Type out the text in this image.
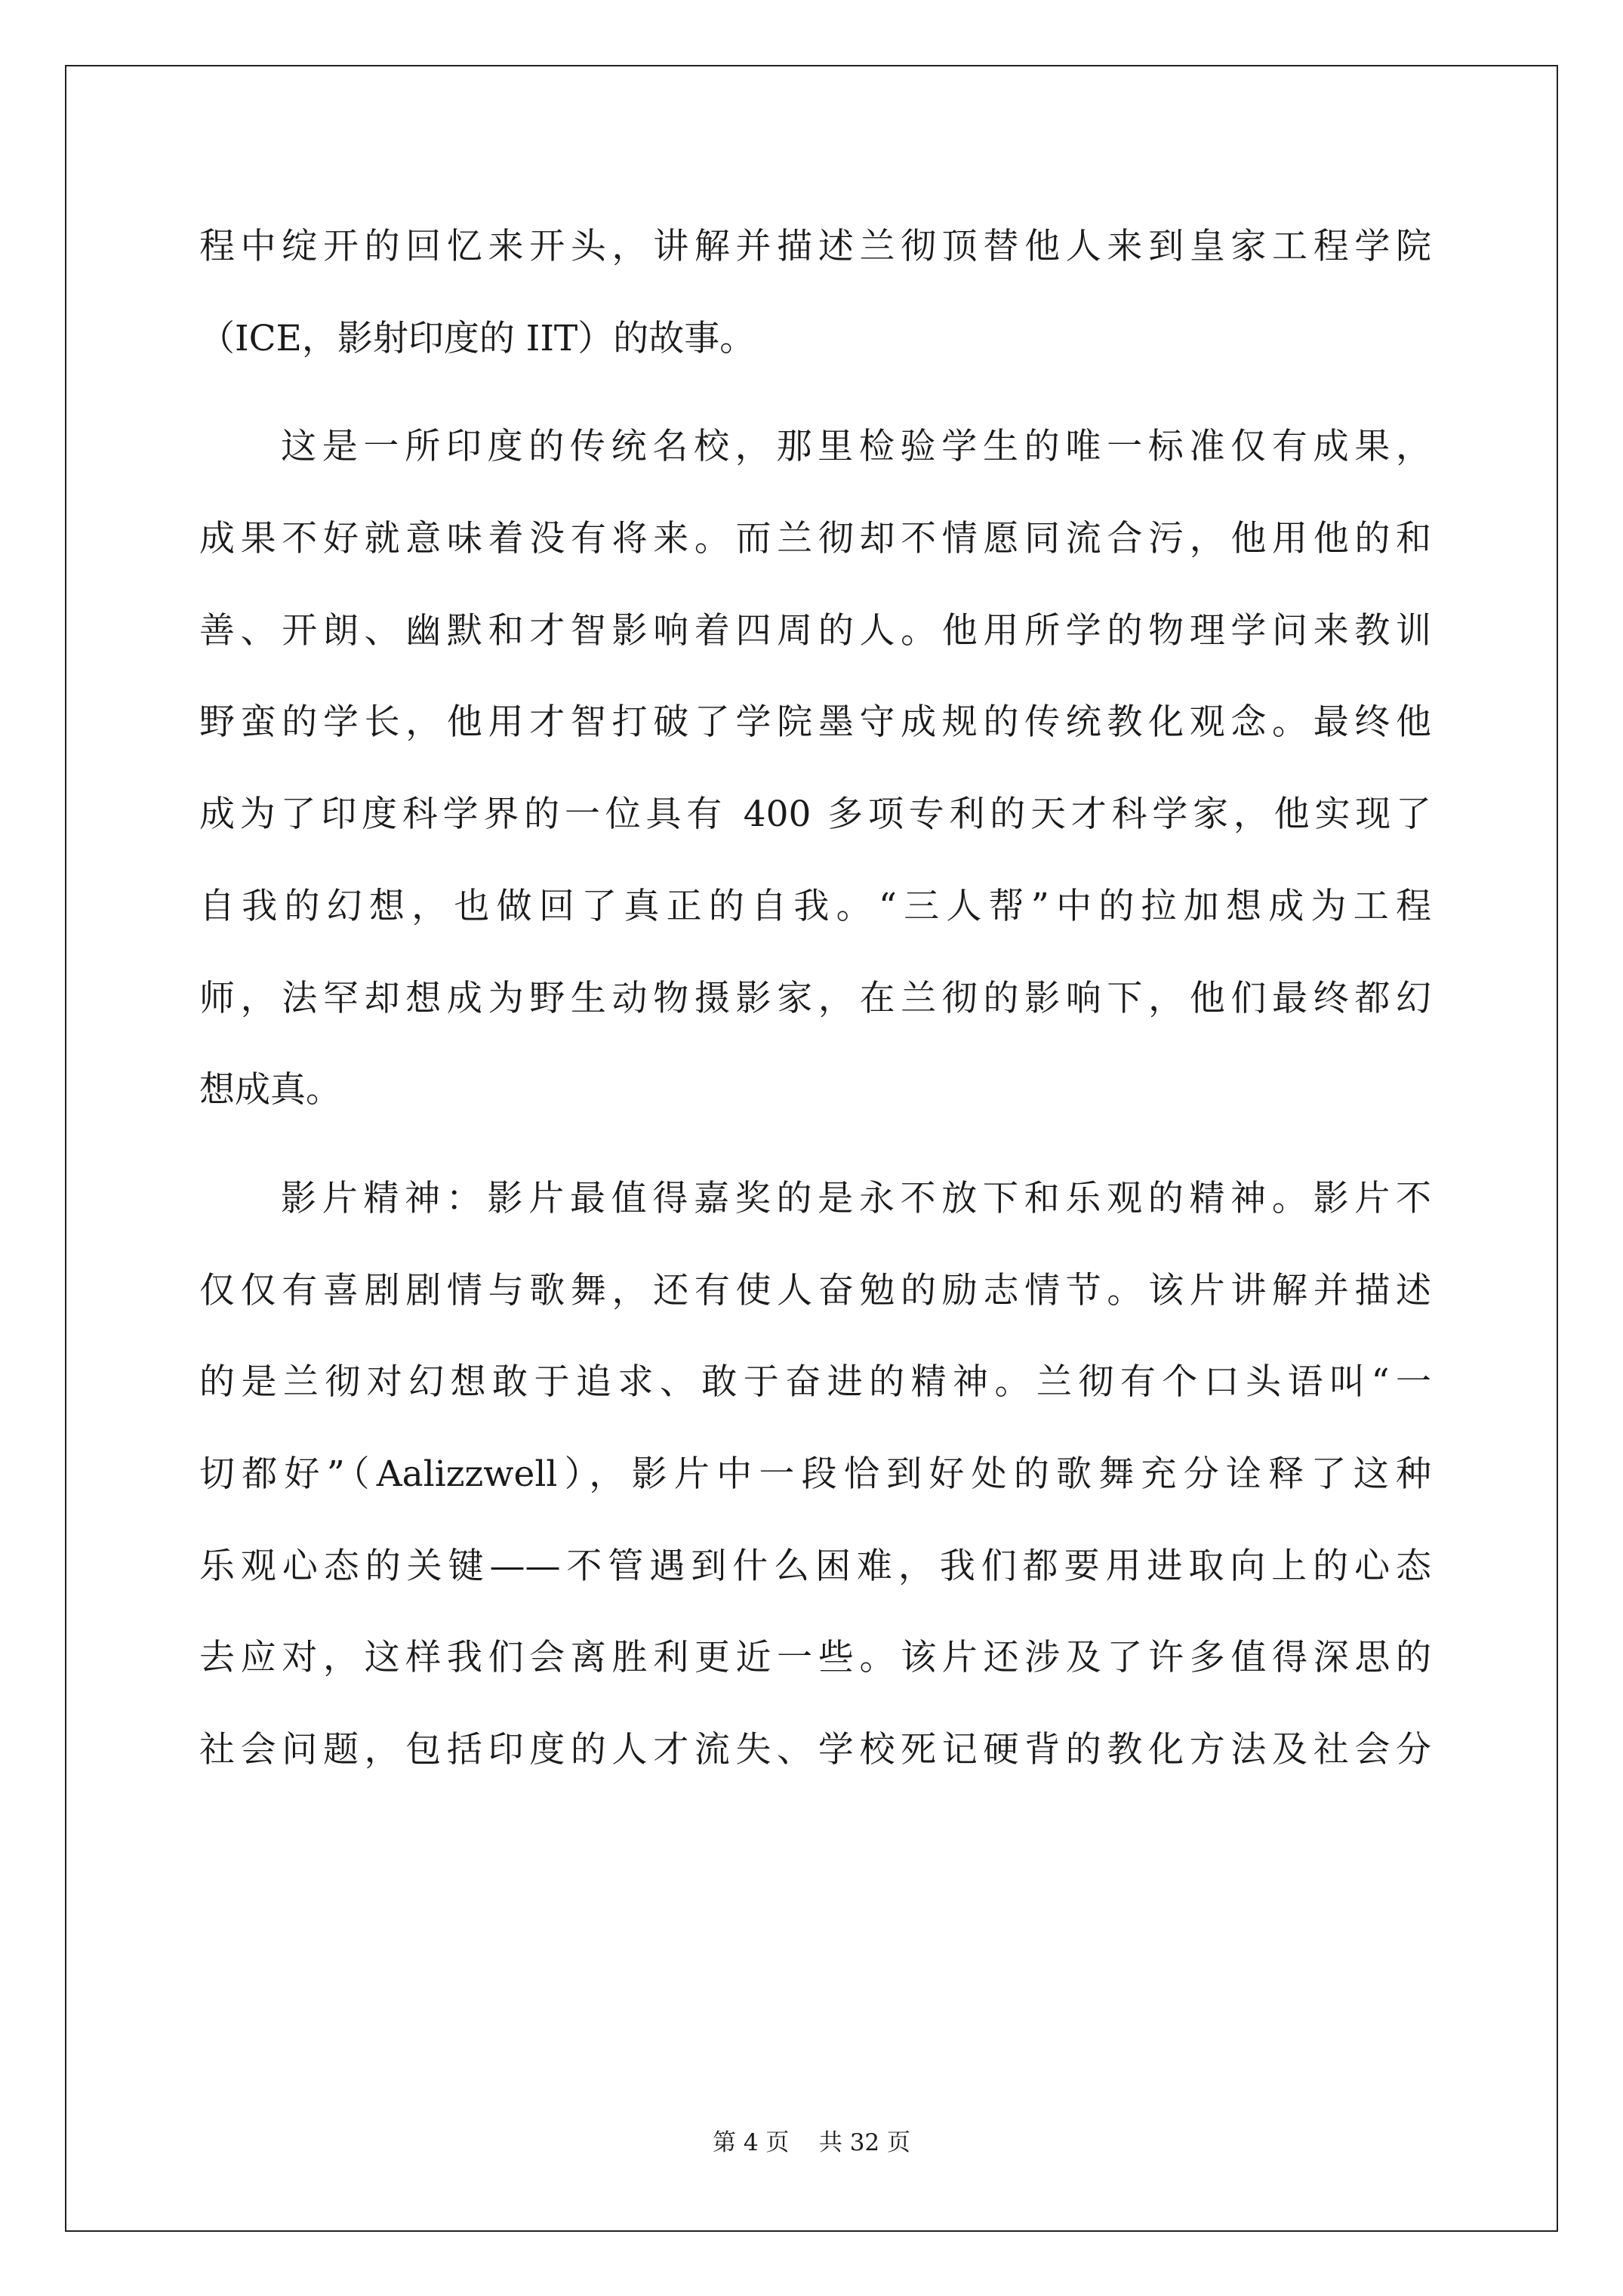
程中绽开的回忆来开头，讲解并描述兰彻顶替他人来到皇家工程学院
（ICE，影射印度的 IIT）的故事。
这是一所印度的传统名校，那里检验学生的唯一标准仅有成果，
成果不好就意味着没有将来。而兰彻却不情愿同流合污，他用他的和
善、开朗、幽默和才智影响着四周的人。他用所学的物理学问来教训
野蛮的学长，他用才智打破了学院墨守成规的传统教化观念。最终他
成为了印度科学界的一位具有 400 多项专利的天才科学家，他实现了
自我的幻想，也做回了真正的自我。“三人帮”中的拉加想成为工程
师，法罕却想成为野生动物摄影家，在兰彻的影响下，他们最终都幻
想成真。
影片精神：影片最值得嘉奖的是永不放下和乐观的精神。影片不
仅仅有喜剧剧情与歌舞，还有使人奋勉的励志情节。该片讲解并描述
的是兰彻对幻想敢于追求、敢于奋进的精神。兰彻有个口头语叫“一
切都好”（Aalizzwell），影片中一段恰到好处的歌舞充分诠释了这种
乐观心态的关键——不管遇到什么困难，我们都要用进取向上的心态
去应对，这样我们会离胜利更近一些。该片还涉及了许多值得深思的
社会问题，包括印度的人才流失、学校死记硬背的教化方法及社会分
第 4 页 共 32 页
